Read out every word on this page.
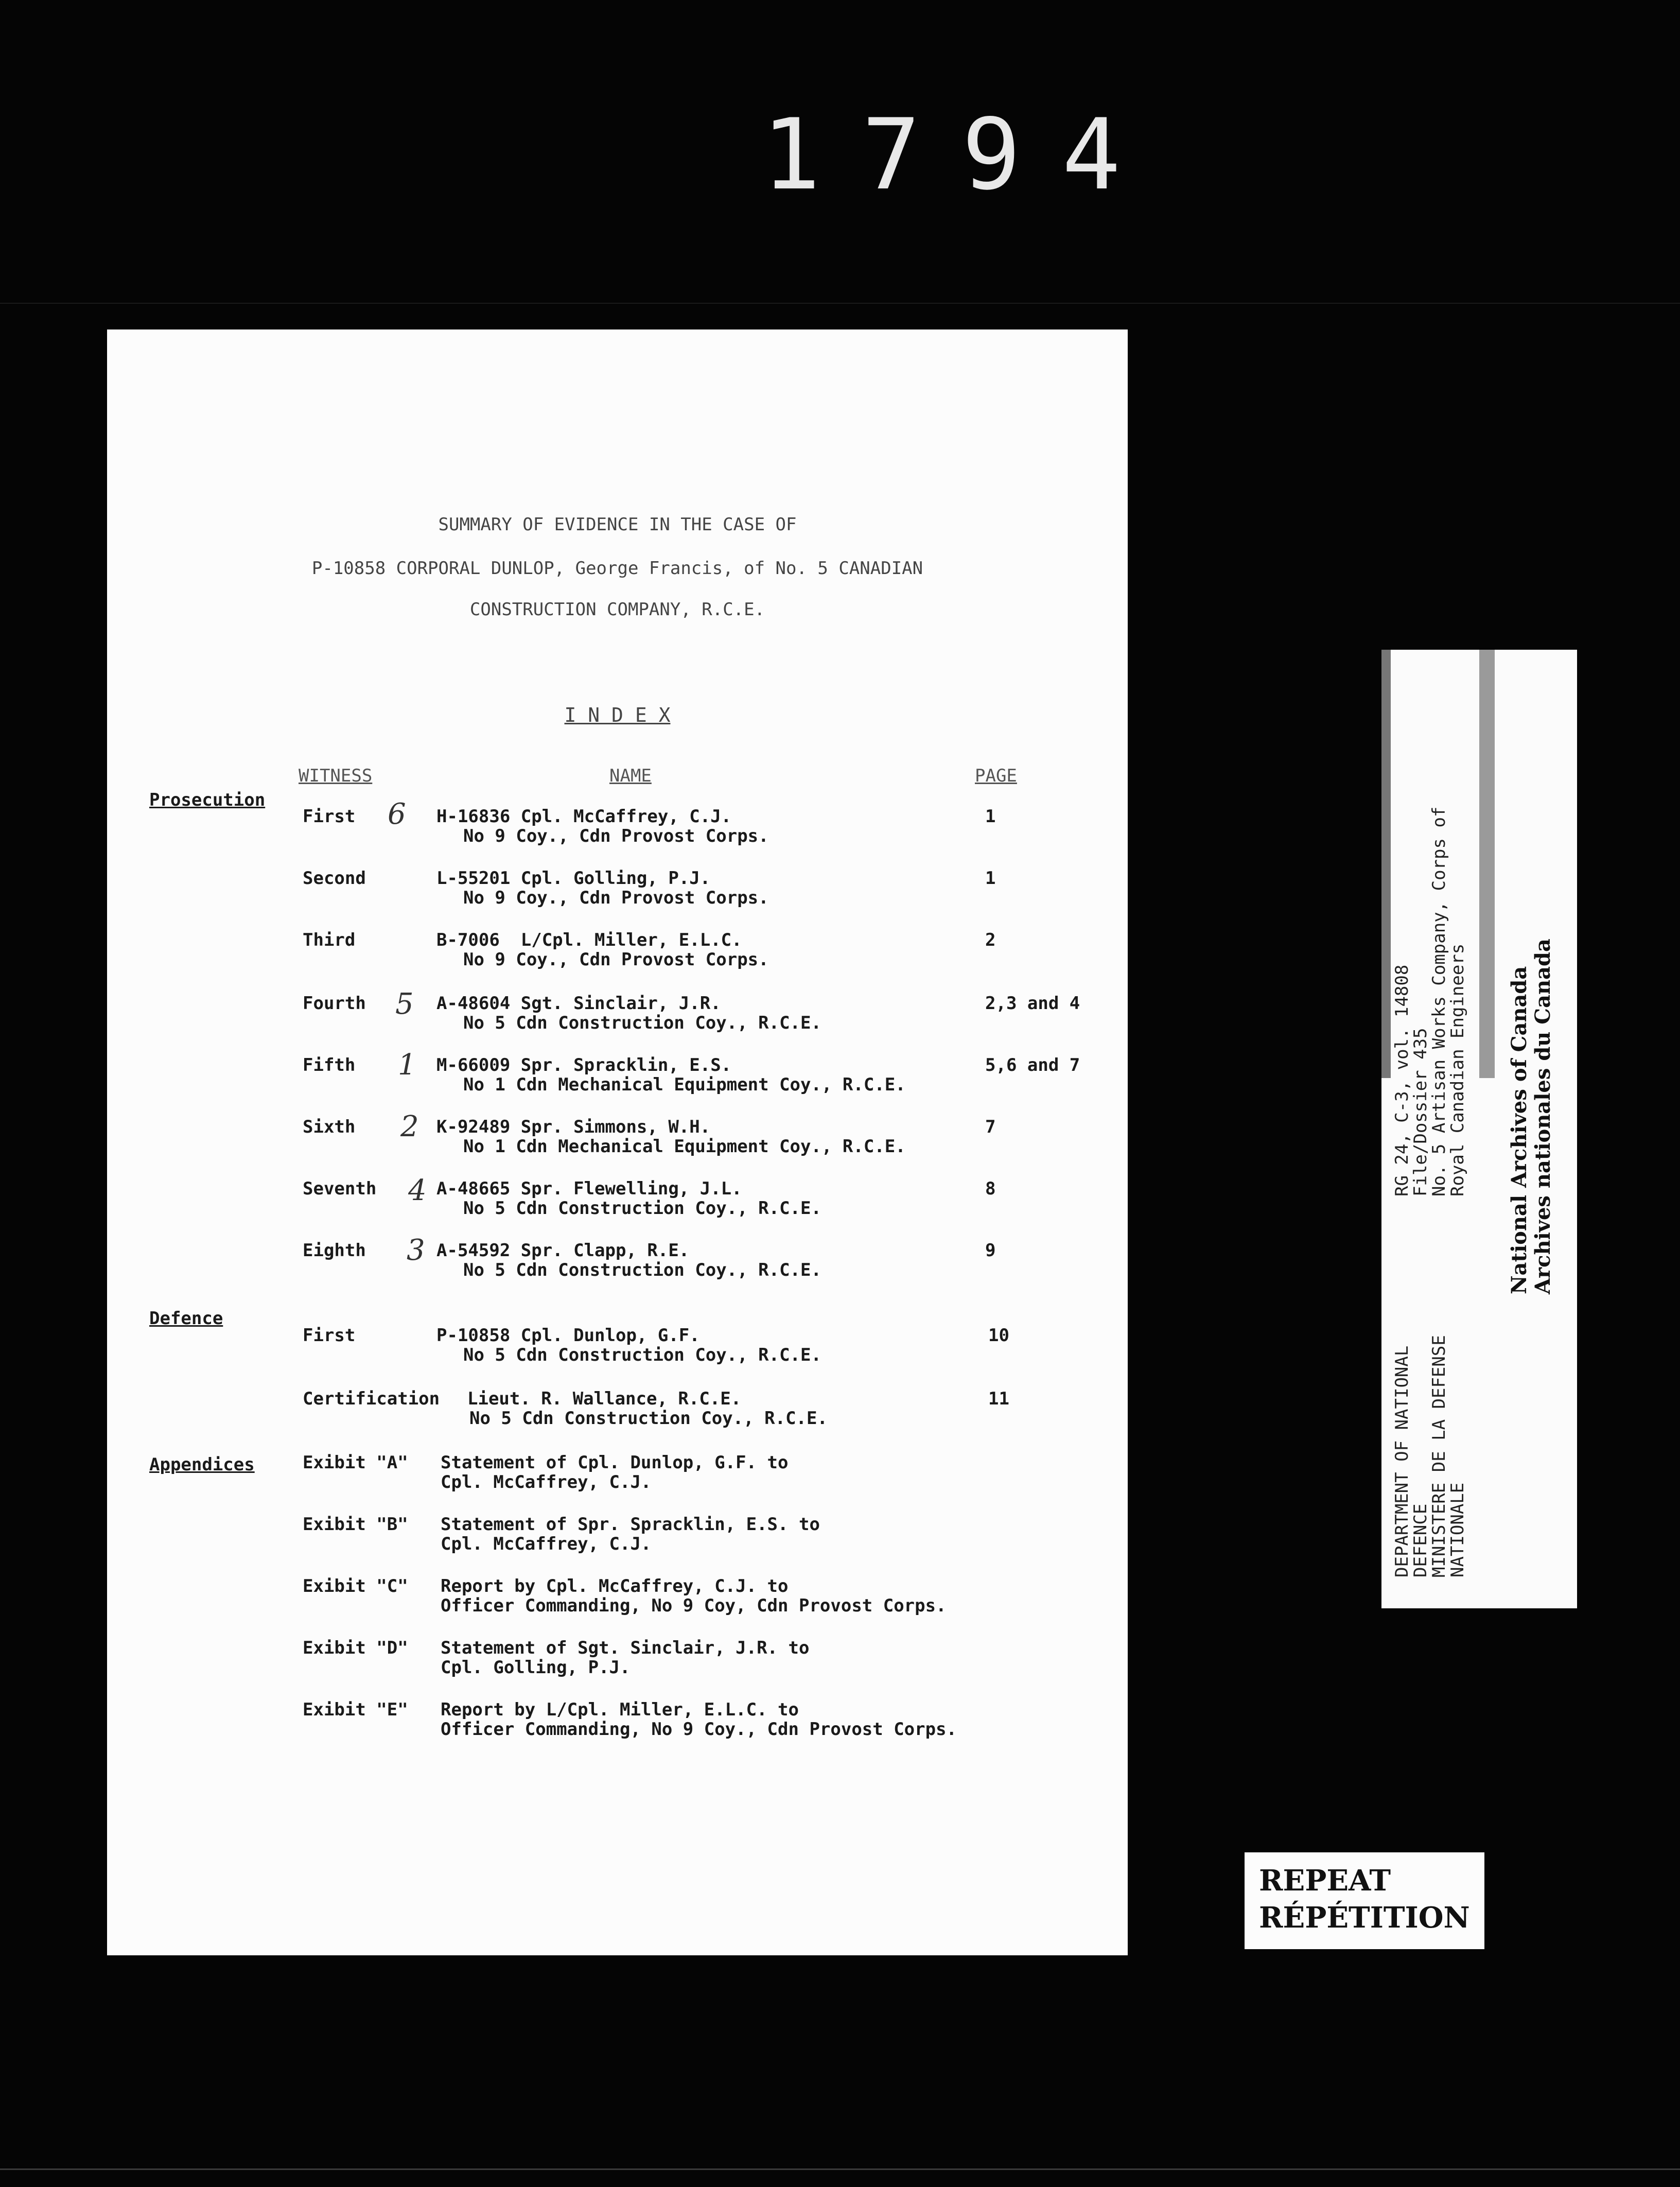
1794
SUMMARY OF EVIDENCE IN THE CASE OF
P-10858 CORPORAL DUNLOP, George Francis, of No. 5 CANADIAN
CONSTRUCTION COMPANY, R.C.E.
I N D E X
WITNESS	NAME	PAGE
Prosecution
First 6 H-16836 Cpl. McCaffrey, C.J.
No 9 Coy., Cdn Provost Corps.
1
Second	L-55201 Cpl. Golling, P.J.
No 9 Coy., Cdn Provost Corps.
1
Third	B-7006  L/Cpl. Miller, E.L.C.
No 9 Coy., Cdn Provost Corps.
2
Fourth 5 A-48604 Sgt. Sinclair, J.R.
No 5 Cdn Construction Coy., R.C.E.
2,3 and 4
Fifth 1 M-66009 Spr. Spracklin, E.S.
No 1 Cdn Mechanical Equipment Coy., R.C.E.
5,6 and 7
Sixth 2 K-92489 Spr. Simmons, W.H.
No 1 Cdn Mechanical Equipment Coy., R.C.E.
7
Seventh 4 A-48665 Spr. Flewelling, J.L.
No 5 Cdn Construction Coy., R.C.E.
8
Eighth 3 A-54592 Spr. Clapp, R.E.
No 5 Cdn Construction Coy., R.C.E.
9
Defence
First	P-10858 Cpl. Dunlop, G.F.
No 5 Cdn Construction Coy., R.C.E.
10
Certification Lieut. R. Wallance, R.C.E.
No 5 Cdn Construction Coy., R.C.E.
11
Appendices	Exibit "A" Statement of Cpl. Dunlop, G.F. to
Cpl. McCaffrey, C.J.
Exibit "B" Statement of Spr. Spracklin, E.S. to
Cpl. McCaffrey, C.J.
Exibit "C" Report by Cpl. McCaffrey, C.J. to
Officer Commanding, No 9 Coy, Cdn Provost Corps.
Exibit "D" Statement of Sgt. Sinclair, J.R. to
Cpl. Golling, P.J.
Exibit "E" Report by L/Cpl. Miller, E.L.C. to
Officer Commanding, No 9 Coy., Cdn Provost Corps.
DEPARTMENT OF NATIONAL
DEFENCE
MINISTERE DE LA DEFENSE
NATIONALE
RG 24, C-3, vol. 14808
File/Dossier 435
No. 5 Artisan Works Company, Corps of
Royal Canadian Engineers National Archives of Canada Archives nationales du Canada
REPEAT
RÉPÉTITION
